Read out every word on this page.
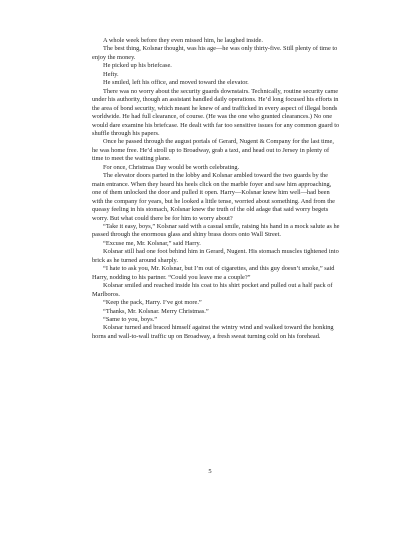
A whole week before they even missed him, he laughed inside.

The best thing, Kolsnar thought, was his age—he was only thirty-five. Still plenty of time to enjoy the money.

He picked up his briefcase.

Hefty.

He smiled, left his office, and moved toward the elevator.

There was no worry about the security guards downstairs. Technically, routine security came under his authority, though an assistant handled daily operations. He’d long focused his efforts in the area of bond security, which meant he knew of and trafficked in every aspect of illegal bonds worldwide. He had full clearance, of course. (He was the one who granted clearances.) No one would dare examine his briefcase. He dealt with far too sensitive issues for any common guard to shuffle through his papers.

Once he passed through the august portals of Gerard, Nugent & Company for the last time, he was home free. He’d stroll up to Broadway, grab a taxi, and head out to Jersey in plenty of time to meet the waiting plane.

For once, Christmas Day would be worth celebrating.

The elevator doors parted in the lobby and Kolsnar ambled toward the two guards by the main entrance. When they heard his heels click on the marble foyer and saw him approaching, one of them unlocked the door and pulled it open. Harry—Kolsnar knew him well—had been with the company for years, but he looked a little tense, worried about something. And from the queasy feeling in his stomach, Kolsnar knew the truth of the old adage that said worry begets worry. But what could there be for him to worry about?

“Take it easy, boys,” Kolsnar said with a casual smile, raising his hand in a mock salute as he passed through the enormous glass and shiny brass doors onto Wall Street.

“Excuse me, Mr. Kolsnar,” said Harry.

Kolsnar still had one foot behind him in Gerard, Nugent. His stomach muscles tightened into brick as he turned around sharply.

“I hate to ask you, Mr. Kolsnar, but I’m out of cigarettes, and this guy doesn’t smoke,” said Harry, nodding to his partner. “Could you leave me a couple?”

Kolsnar smiled and reached inside his coat to his shirt pocket and pulled out a half pack of Marlboros.

“Keep the pack, Harry. I’ve got more.”

“Thanks, Mr. Kolsnar. Merry Christmas.”

“Same to you, boys.”

Kolsnar turned and braced himself against the wintry wind and walked toward the honking horns and wall-to-wall traffic up on Broadway, a fresh sweat turning cold on his forehead.

5
